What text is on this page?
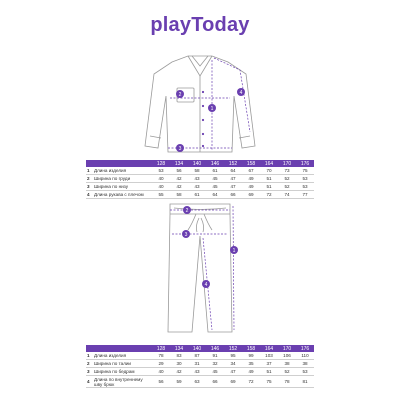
playToday
1
2
3
4
		128	134	140	146	152	158	164	170	176
1	Длина изделия	53	56	58	61	64	67	70	73	75
2	Ширина по груди	40	42	43	45	47	49	51	52	53
3	Ширина по низу	40	42	43	45	47	49	51	52	53
4	Длина рукава с плечом	55	58	61	64	66	69	72	74	77
1
2
3
4
		128	134	140	146	152	158	164	170	176
1	Длина изделия	78	83	87	91	95	99	103	106	110
2	Ширина по талии	29	30	31	32	34	35	37	38	38
3	Ширина по бедрам	40	42	43	45	47	49	51	52	53
4	Длина по внутреннему шву брюк	56	59	63	66	69	72	75	78	81
